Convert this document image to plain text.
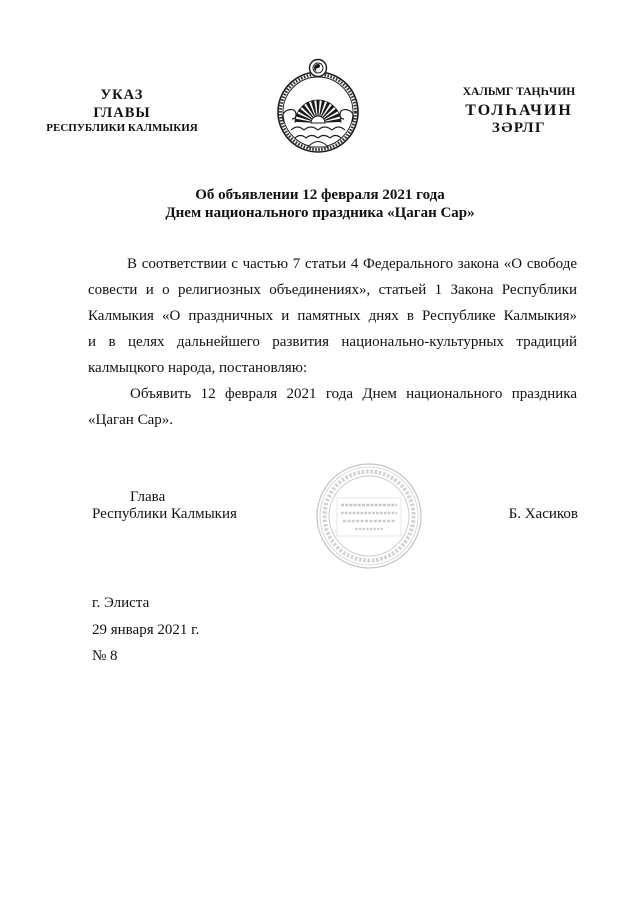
УКАЗ
ГЛАВЫ
РЕСПУБЛИКИ КАЛМЫКИЯ
ХАЛЬМГ ТАҢҺЧИН
ТОЛҺАЧИН
ЗӘРЛГ
Об объявлении 12 февраля 2021 года
Днем национального праздника «Цаган Сар»
В соответствии с частью 7 статьи 4 Федерального закона «О свободе
совести и о религиозных объединениях», статьей 1 Закона Республики
Калмыкия «О праздничных и памятных днях в Республике Калмыкия»
и в целях дальнейшего развития национально-культурных традиций
калмыцкого народа, постановляю:
Объявить 12 февраля 2021 года Днем национального праздника
«Цаган Сар».
Глава
Республики Калмыкия	Б. Хасиков
г. Элиста
29 января 2021 г.
№ 8
